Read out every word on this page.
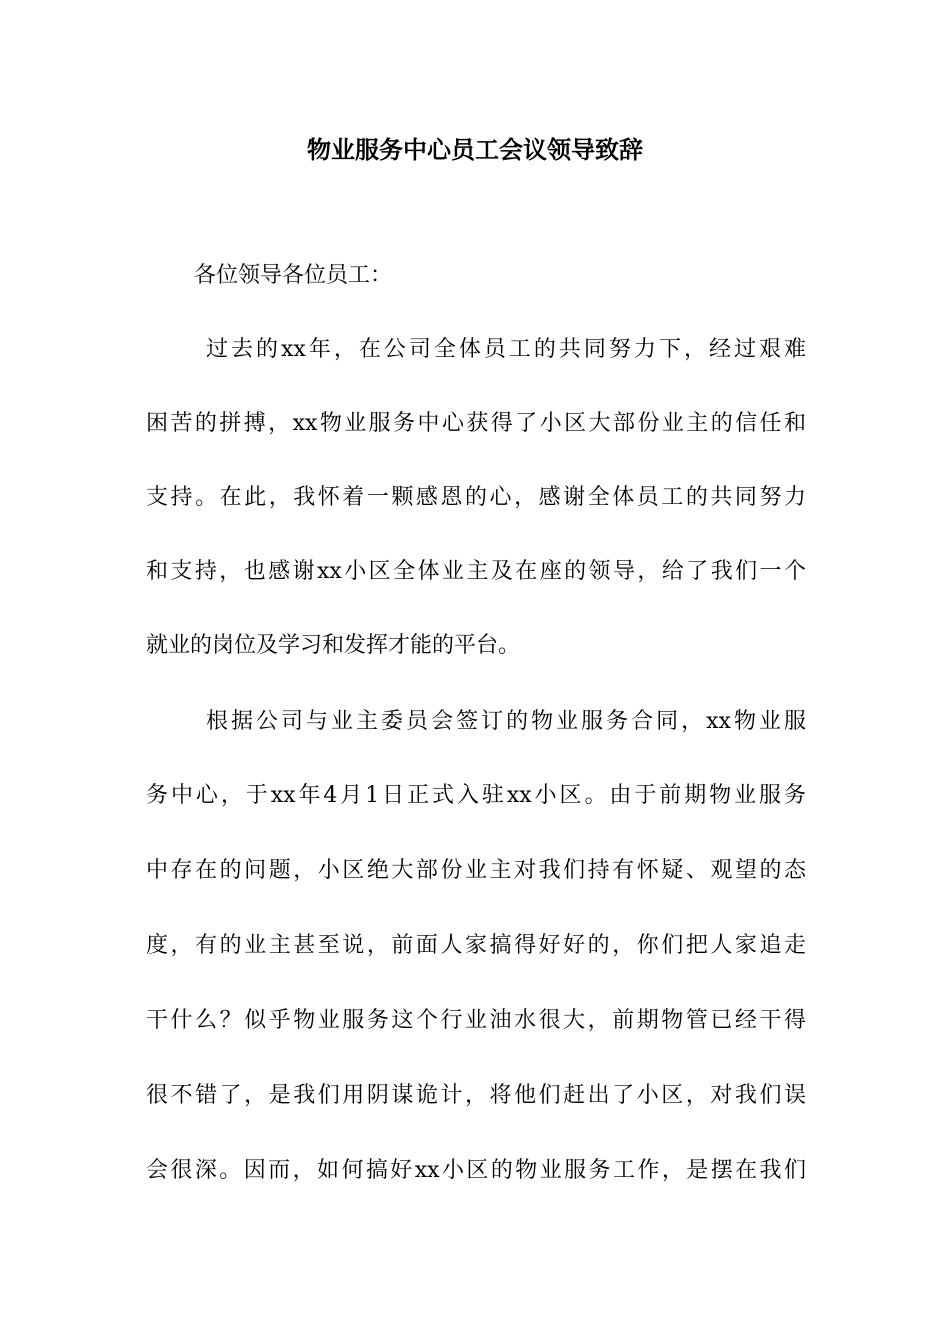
物业服务中心员工会议领导致辞

各位领导各位员工：

过去的xx年，在公司全体员工的共同努力下，经过艰难

困苦的拼搏，xx物业服务中心获得了小区大部份业主的信任和

支持。在此，我怀着一颗感恩的心，感谢全体员工的共同努力

和支持，也感谢xx小区全体业主及在座的领导，给了我们一个

就业的岗位及学习和发挥才能的平台。

根据公司与业主委员会签订的物业服务合同，xx物业服

务中心，于xx年4月1日正式入驻xx小区。由于前期物业服务

中存在的问题，小区绝大部份业主对我们持有怀疑、观望的态

度，有的业主甚至说，前面人家搞得好好的，你们把人家追走

干什么？似乎物业服务这个行业油水很大，前期物管已经干得

很不错了，是我们用阴谋诡计，将他们赶出了小区，对我们误

会很深。因而，如何搞好xx小区的物业服务工作，是摆在我们
